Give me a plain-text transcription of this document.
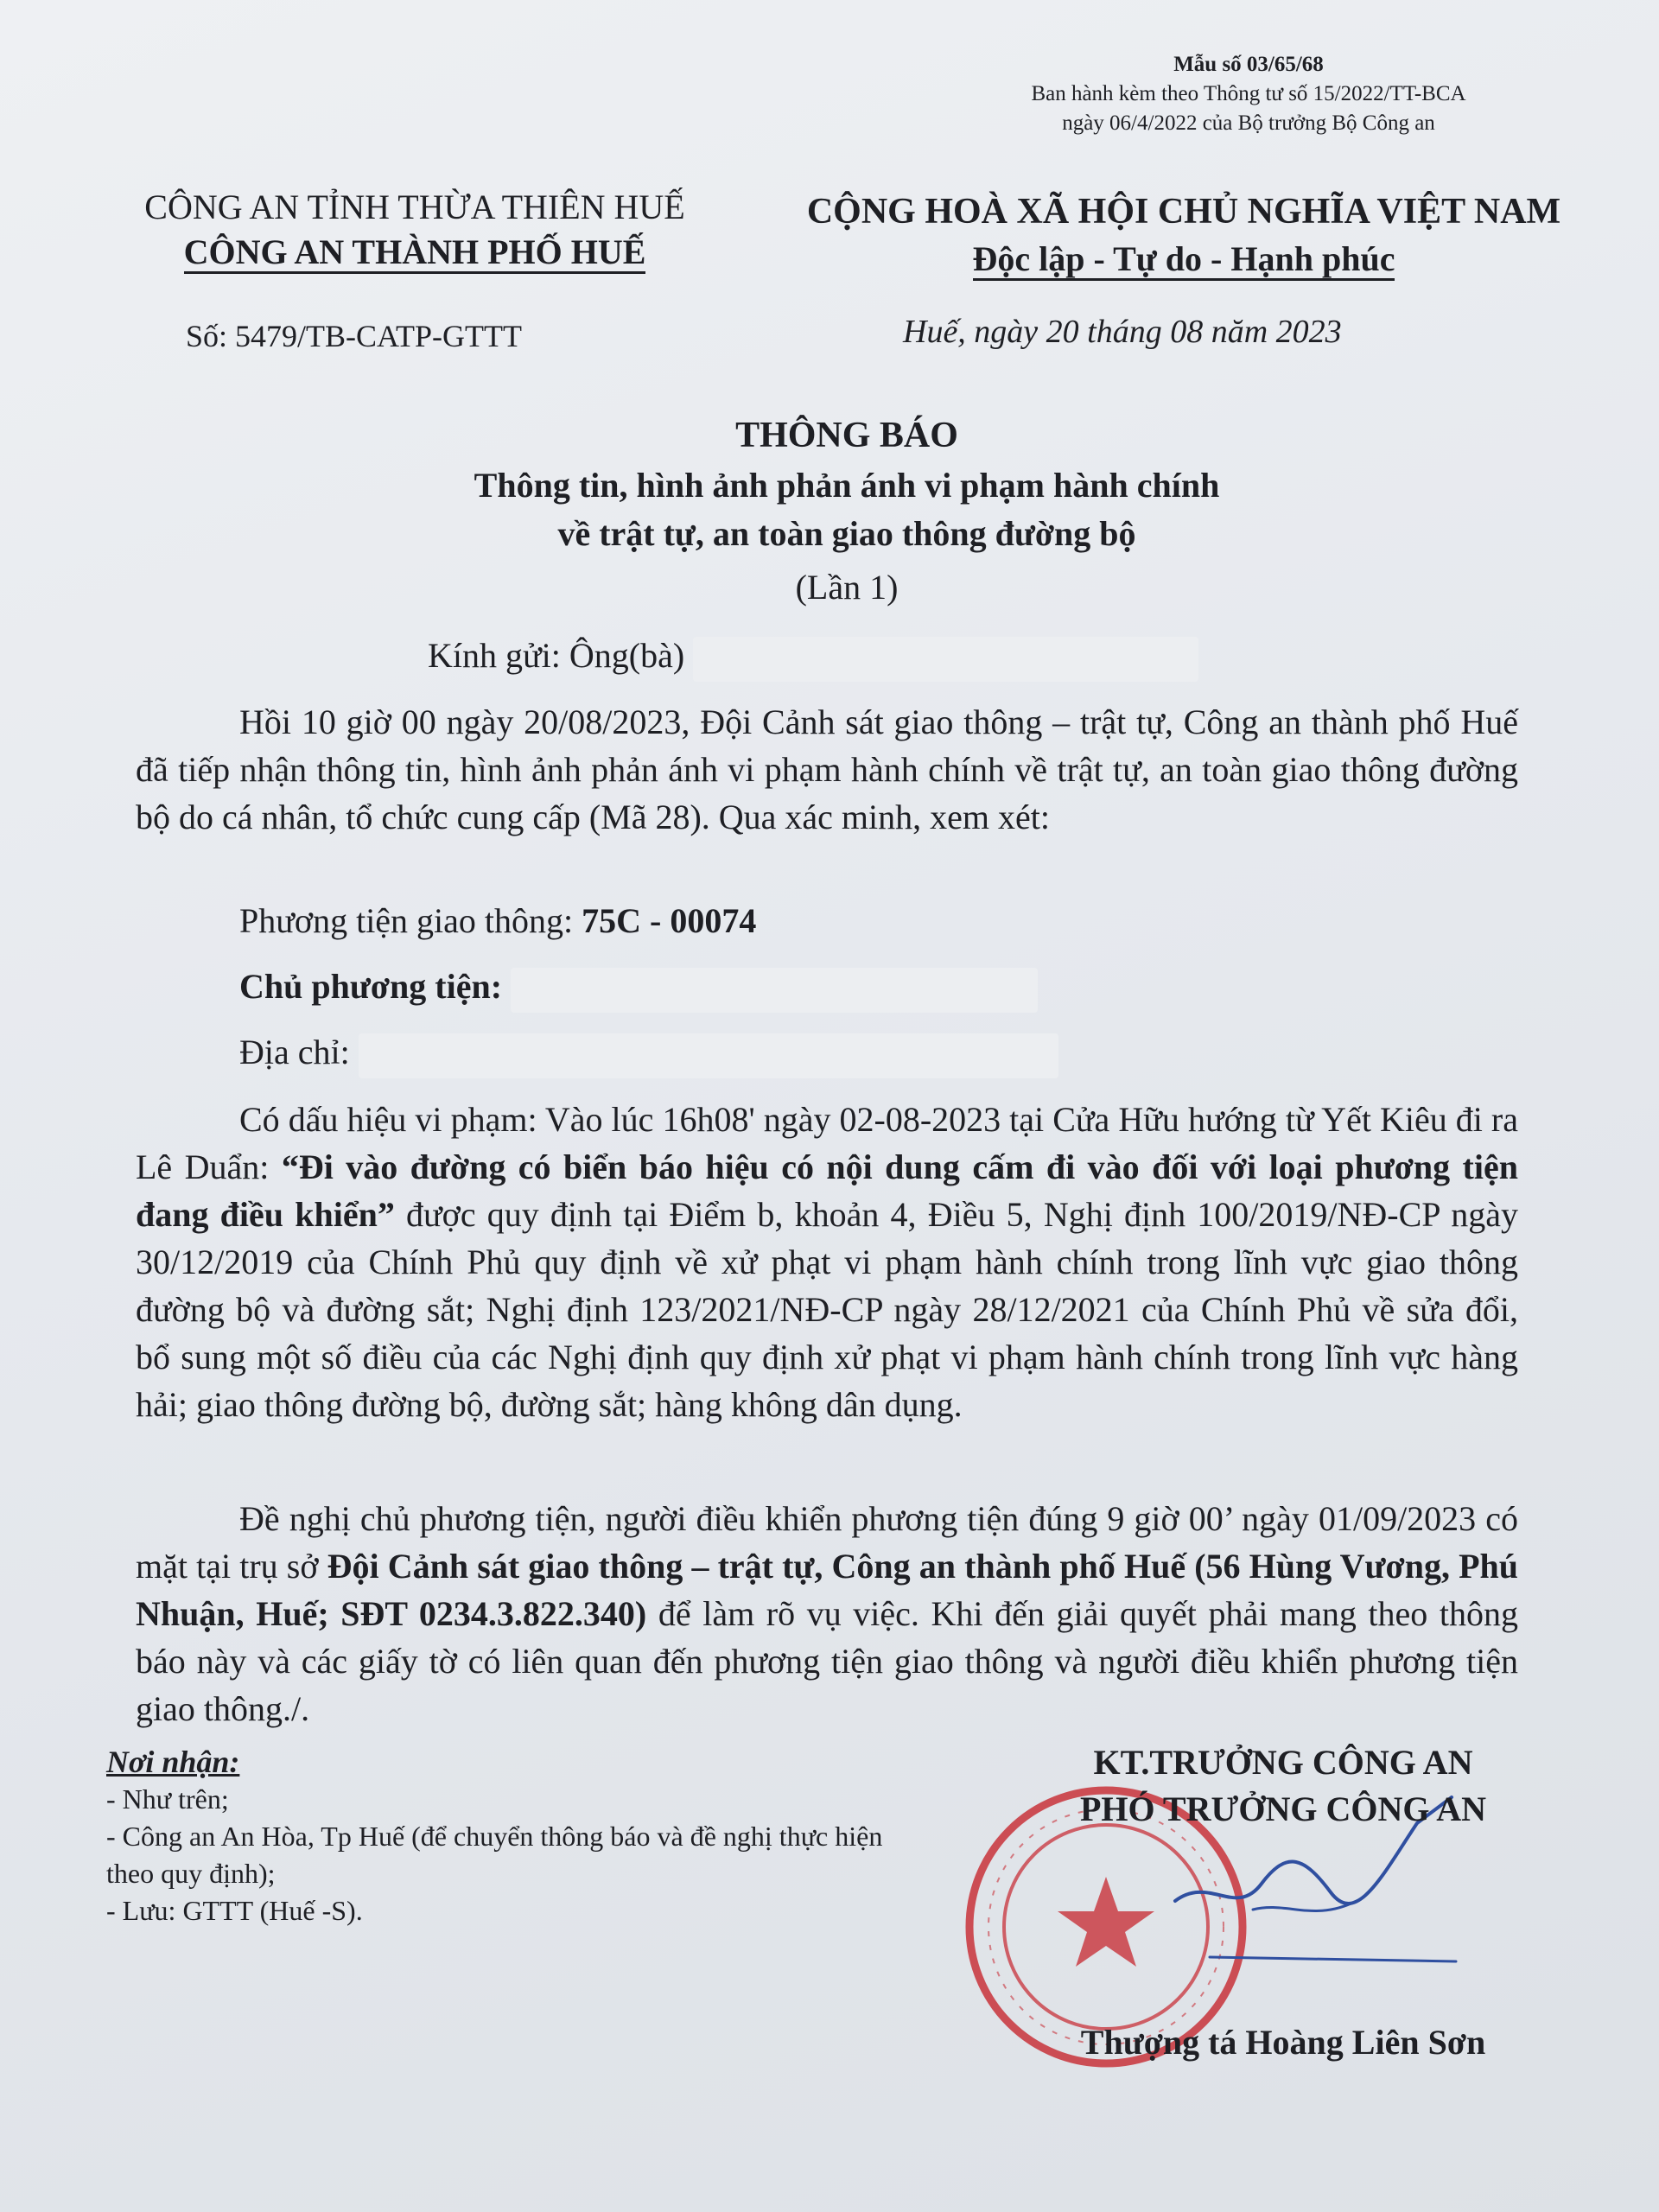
Mẫu số 03/65/68
Ban hành kèm theo Thông tư số 15/2022/TT-BCA
ngày 06/4/2022 của Bộ trưởng Bộ Công an
CÔNG AN TỈNH THỪA THIÊN HUẾ
CÔNG AN THÀNH PHỐ HUẾ
CỘNG HOÀ XÃ HỘI CHỦ NGHĨA VIỆT NAM
Độc lập - Tự do - Hạnh phúc
Số: 5479/TB-CATP-GTTT	Huế, ngày 20 tháng 08 năm 2023
THÔNG BÁO
Thông tin, hình ảnh phản ánh vi phạm hành chính
về trật tự, an toàn giao thông đường bộ
(Lần 1)
Kính gửi: Ông(bà)

Hồi 10 giờ 00 ngày 20/08/2023, Đội Cảnh sát giao thông – trật tự, Công an thành phố Huế đã tiếp nhận thông tin, hình ảnh phản ánh vi phạm hành chính về trật tự, an toàn giao thông đường bộ do cá nhân, tổ chức cung cấp (Mã 28). Qua xác minh, xem xét:

Phương tiện giao thông: 75C - 00074
Chủ phương tiện:
Địa chỉ:

Có dấu hiệu vi phạm: Vào lúc 16h08' ngày 02-08-2023 tại Cửa Hữu hướng từ Yết Kiêu đi ra Lê Duẩn: “Đi vào đường có biển báo hiệu có nội dung cấm đi vào đối với loại phương tiện đang điều khiển” được quy định tại Điểm b, khoản 4, Điều 5, Nghị định 100/2019/NĐ-CP ngày 30/12/2019 của Chính Phủ quy định về xử phạt vi phạm hành chính trong lĩnh vực giao thông đường bộ và đường sắt; Nghị định 123/2021/NĐ-CP ngày 28/12/2021 của Chính Phủ về sửa đổi, bổ sung một số điều của các Nghị định quy định xử phạt vi phạm hành chính trong lĩnh vực hàng hải; giao thông đường bộ, đường sắt; hàng không dân dụng.

Đề nghị chủ phương tiện, người điều khiển phương tiện đúng 9 giờ 00’ ngày 01/09/2023 có mặt tại trụ sở Đội Cảnh sát giao thông – trật tự, Công an thành phố Huế (56 Hùng Vương, Phú Nhuận, Huế; SĐT 0234.3.822.340) để làm rõ vụ việc. Khi đến giải quyết phải mang theo thông báo này và các giấy tờ có liên quan đến phương tiện giao thông và người điều khiển phương tiện giao thông./.

Nơi nhận:
- Như trên;
- Công an An Hòa, Tp Huế (để chuyển thông báo và đề nghị thực hiện theo quy định);
- Lưu: GTTT (Huế -S).
KT.TRƯỞNG CÔNG AN
PHÓ TRƯỞNG CÔNG AN
Thượng tá Hoàng Liên Sơn
